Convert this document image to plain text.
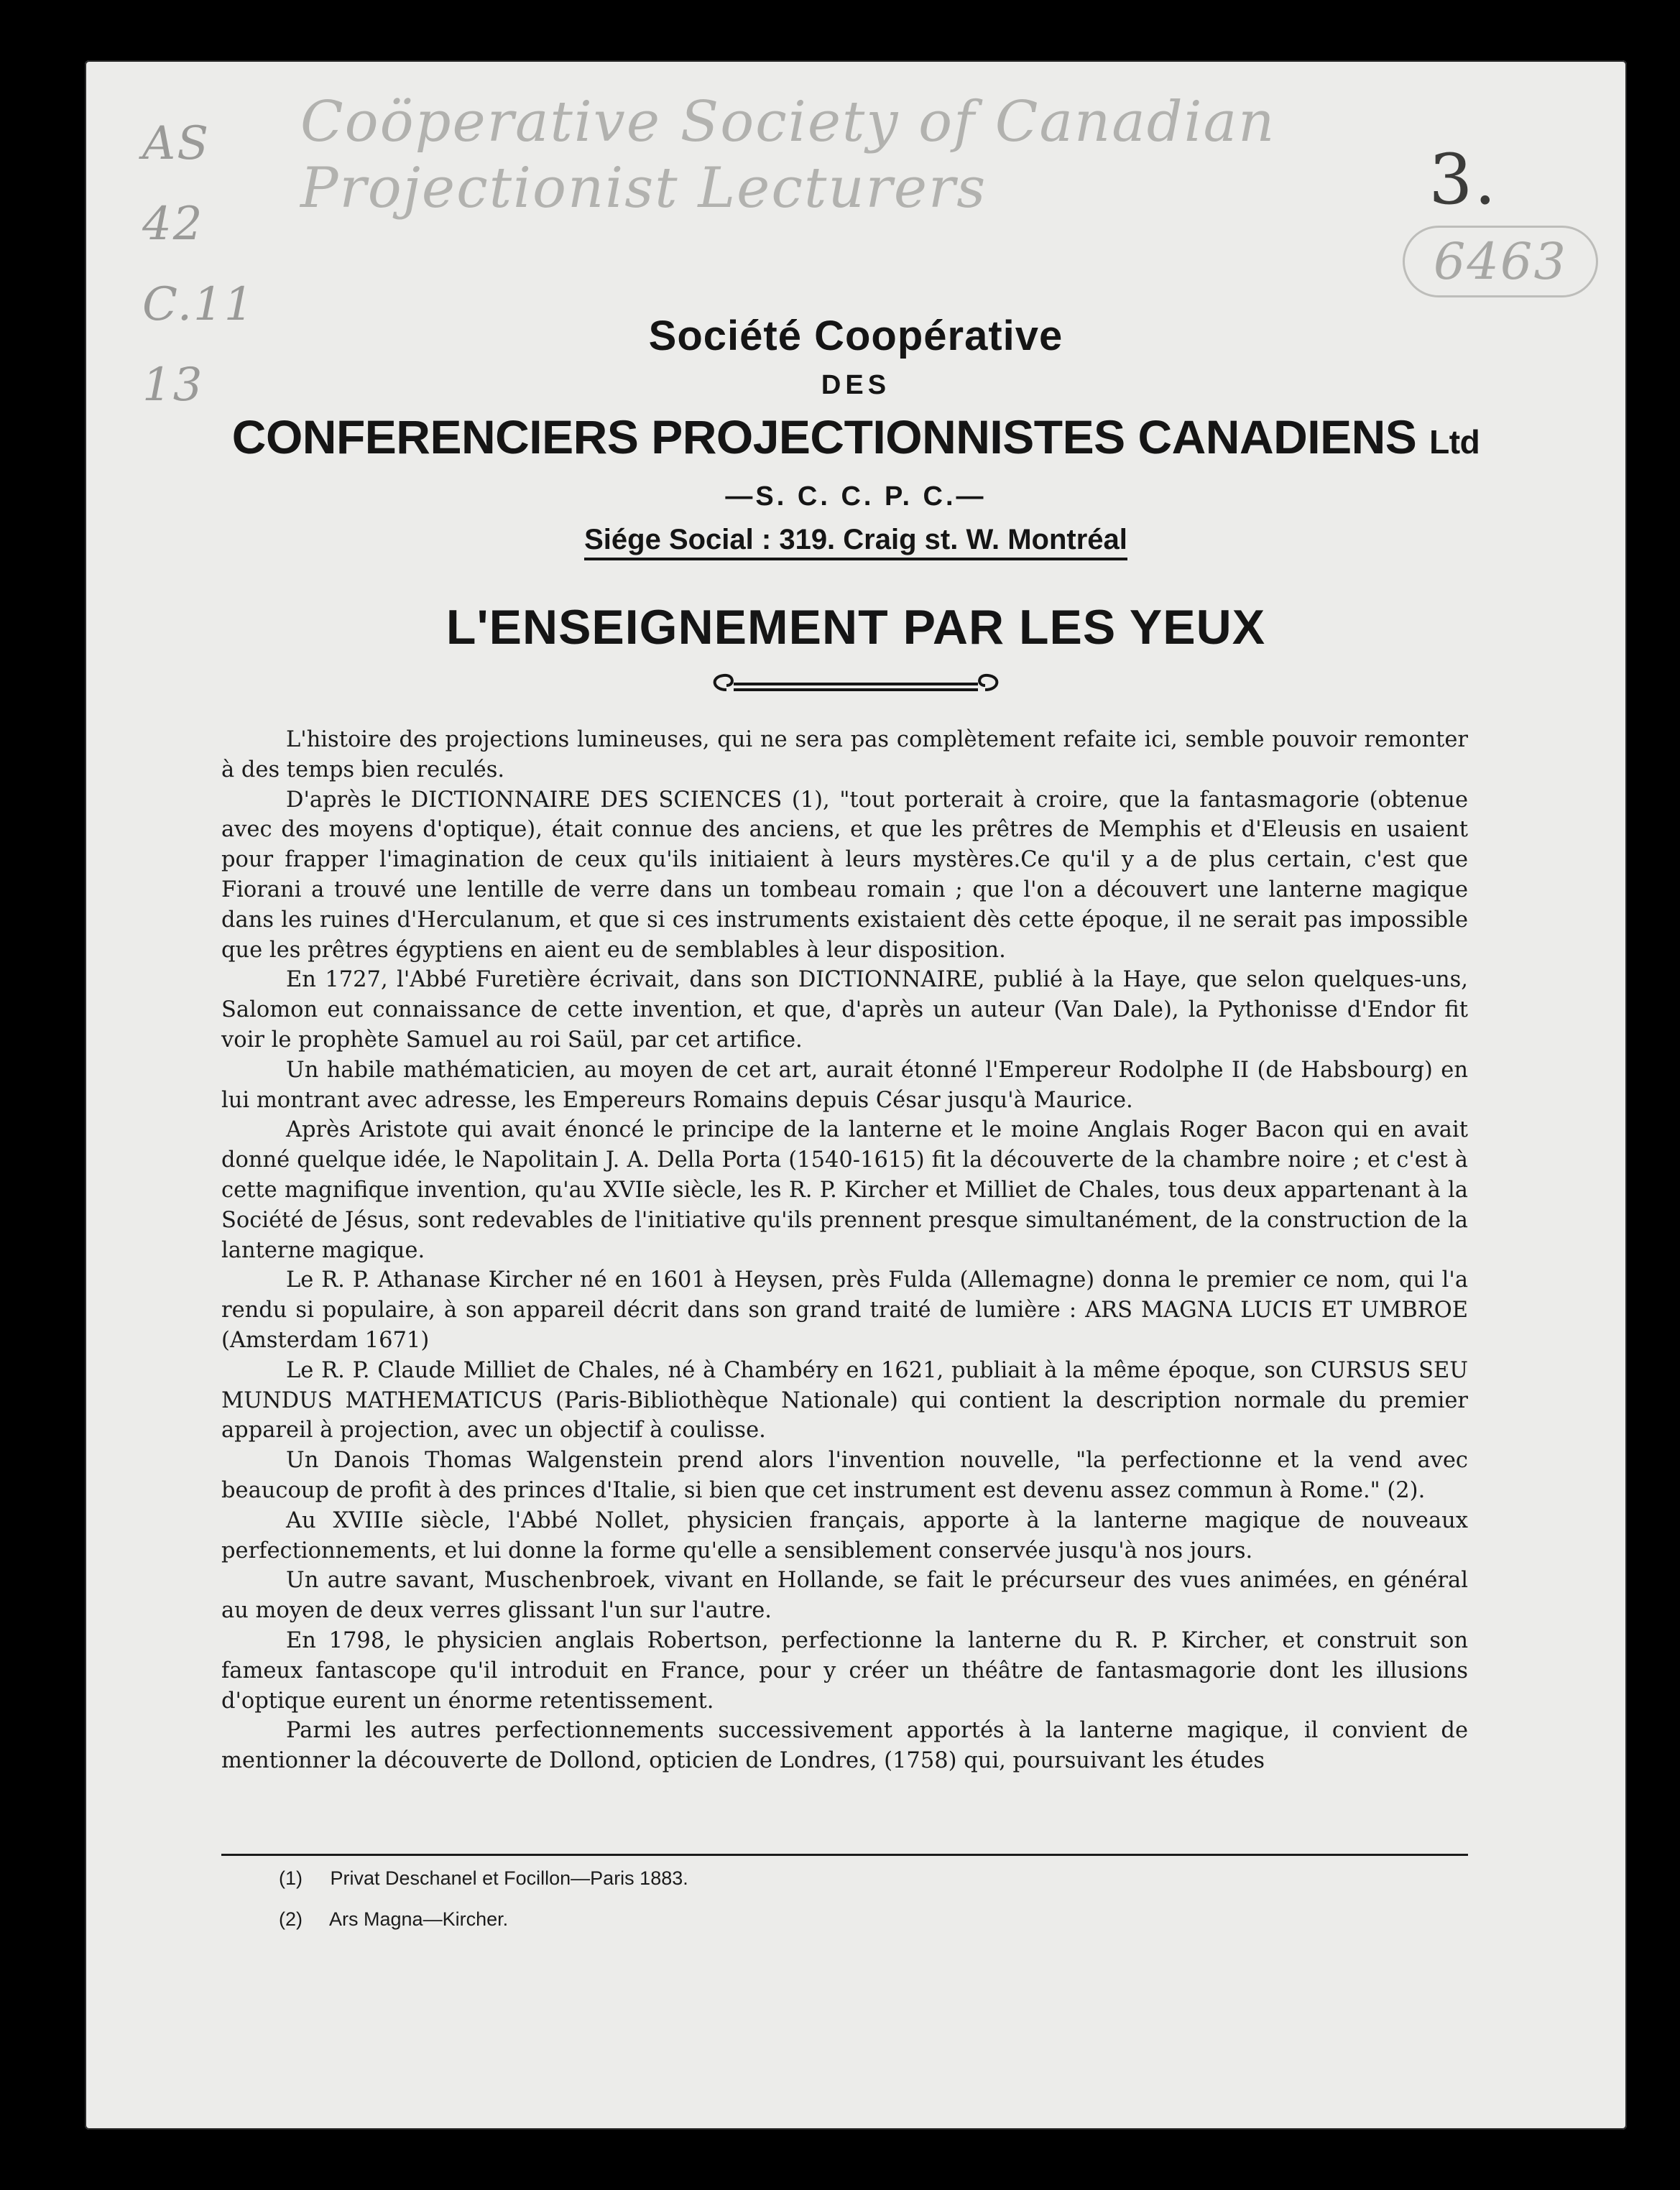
AS
42
C.11
13
Coöperative Society of Canadian Projectionist Lecturers	3.
6463
Société Coopérative
DES
CONFERENCIERS PROJECTIONNISTES CANADIENS Ltd
—S. C. C. P. C.—
Siége Social : 319. Craig st. W. Montréal
L'ENSEIGNEMENT PAR LES YEUX

L'histoire des projections lumineuses, qui ne sera pas complètement refaite ici, semble pouvoir remonter à des temps bien reculés.

D'après le DICTIONNAIRE DES SCIENCES (1), "tout porterait à croire, que la fantasmagorie (obtenue avec des moyens d'optique), était connue des anciens, et que les prêtres de Memphis et d'Eleusis en usaient pour frapper l'imagination de ceux qu'ils initiaient à leurs mystères.Ce qu'il y a de plus certain, c'est que Fiorani a trouvé une lentille de verre dans un tombeau romain ; que l'on a découvert une lanterne magique dans les ruines d'Herculanum, et que si ces instruments existaient dès cette époque, il ne serait pas impossible que les prêtres égyptiens en aient eu de semblables à leur disposition.

En 1727, l'Abbé Furetière écrivait, dans son DICTIONNAIRE, publié à la Haye, que selon quelques-uns, Salomon eut connaissance de cette invention, et que, d'après un auteur (Van Dale), la Pythonisse d'Endor fit voir le prophète Samuel au roi Saül, par cet artifice.

Un habile mathématicien, au moyen de cet art, aurait étonné l'Empereur Rodolphe II (de Habsbourg) en lui montrant avec adresse, les Empereurs Romains depuis César jusqu'à Maurice.

Après Aristote qui avait énoncé le principe de la lanterne et le moine Anglais Roger Bacon qui en avait donné quelque idée, le Napolitain J. A. Della Porta (1540-1615) fit la découverte de la chambre noire ; et c'est à cette magnifique invention, qu'au XVIIe siècle, les R. P. Kircher et Milliet de Chales, tous deux appartenant à la Société de Jésus, sont redevables de l'initiative qu'ils prennent presque simultanément, de la construction de la lanterne magique.

Le R. P. Athanase Kircher né en 1601 à Heysen, près Fulda (Allemagne) donna le premier ce nom, qui l'a rendu si populaire, à son appareil décrit dans son grand traité de lumière : ARS MAGNA LUCIS ET UMBROE (Amsterdam 1671)

Le R. P. Claude Milliet de Chales, né à Chambéry en 1621, publiait à la même époque, son CURSUS SEU MUNDUS MATHEMATICUS (Paris-Bibliothèque Nationale) qui contient la description normale du premier appareil à projection, avec un objectif à coulisse.

Un Danois Thomas Walgenstein prend alors l'invention nouvelle, "la perfectionne et la vend avec beaucoup de profit à des princes d'Italie, si bien que cet instrument est devenu assez commun à Rome." (2).

Au XVIIIe siècle, l'Abbé Nollet, physicien français, apporte à la lanterne magique de nouveaux perfectionnements, et lui donne la forme qu'elle a sensiblement conservée jusqu'à nos jours.

Un autre savant, Muschenbroek, vivant en Hollande, se fait le précurseur des vues animées, en général au moyen de deux verres glissant l'un sur l'autre.

En 1798, le physicien anglais Robertson, perfectionne la lanterne du R. P. Kircher, et construit son fameux fantascope qu'il introduit en France, pour y créer un théâtre de fantasmagorie dont les illusions d'optique eurent un énorme retentissement.

Parmi les autres perfectionnements successivement apportés à la lanterne magique, il convient de mentionner la découverte de Dollond, opticien de Londres, (1758) qui, poursuivant les études

(1) Privat Deschanel et Focillon—Paris 1883.
(2) Ars Magna—Kircher.
